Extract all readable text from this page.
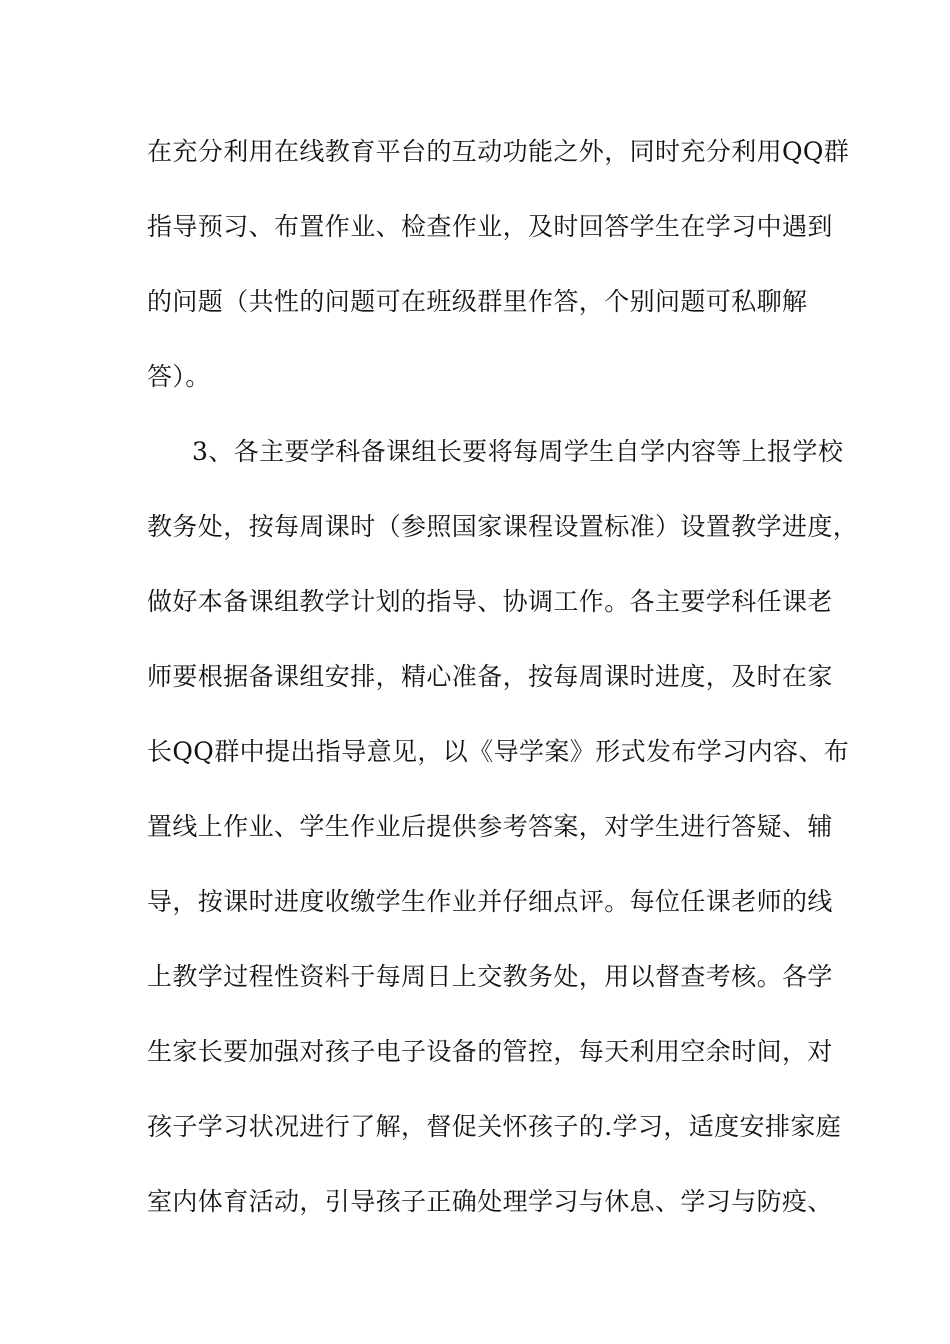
在充分利用在线教育平台的互动功能之外，同时充分利用QQ群
指导预习、布置作业、检查作业，及时回答学生在学习中遇到
的问题（共性的问题可在班级群里作答，个别问题可私聊解
答）。
3、各主要学科备课组长要将每周学生自学内容等上报学校
教务处，按每周课时（参照国家课程设置标准）设置教学进度，
做好本备课组教学计划的指导、协调工作。各主要学科任课老
师要根据备课组安排，精心准备，按每周课时进度，及时在家
长QQ群中提出指导意见，以《导学案》形式发布学习内容、布
置线上作业、学生作业后提供参考答案，对学生进行答疑、辅
导，按课时进度收缴学生作业并仔细点评。每位任课老师的线
上教学过程性资料于每周日上交教务处，用以督查考核。各学
生家长要加强对孩子电子设备的管控，每天利用空余时间，对
孩子学习状况进行了解，督促关怀孩子的.学习，适度安排家庭
室内体育活动，引导孩子正确处理学习与休息、学习与防疫、
